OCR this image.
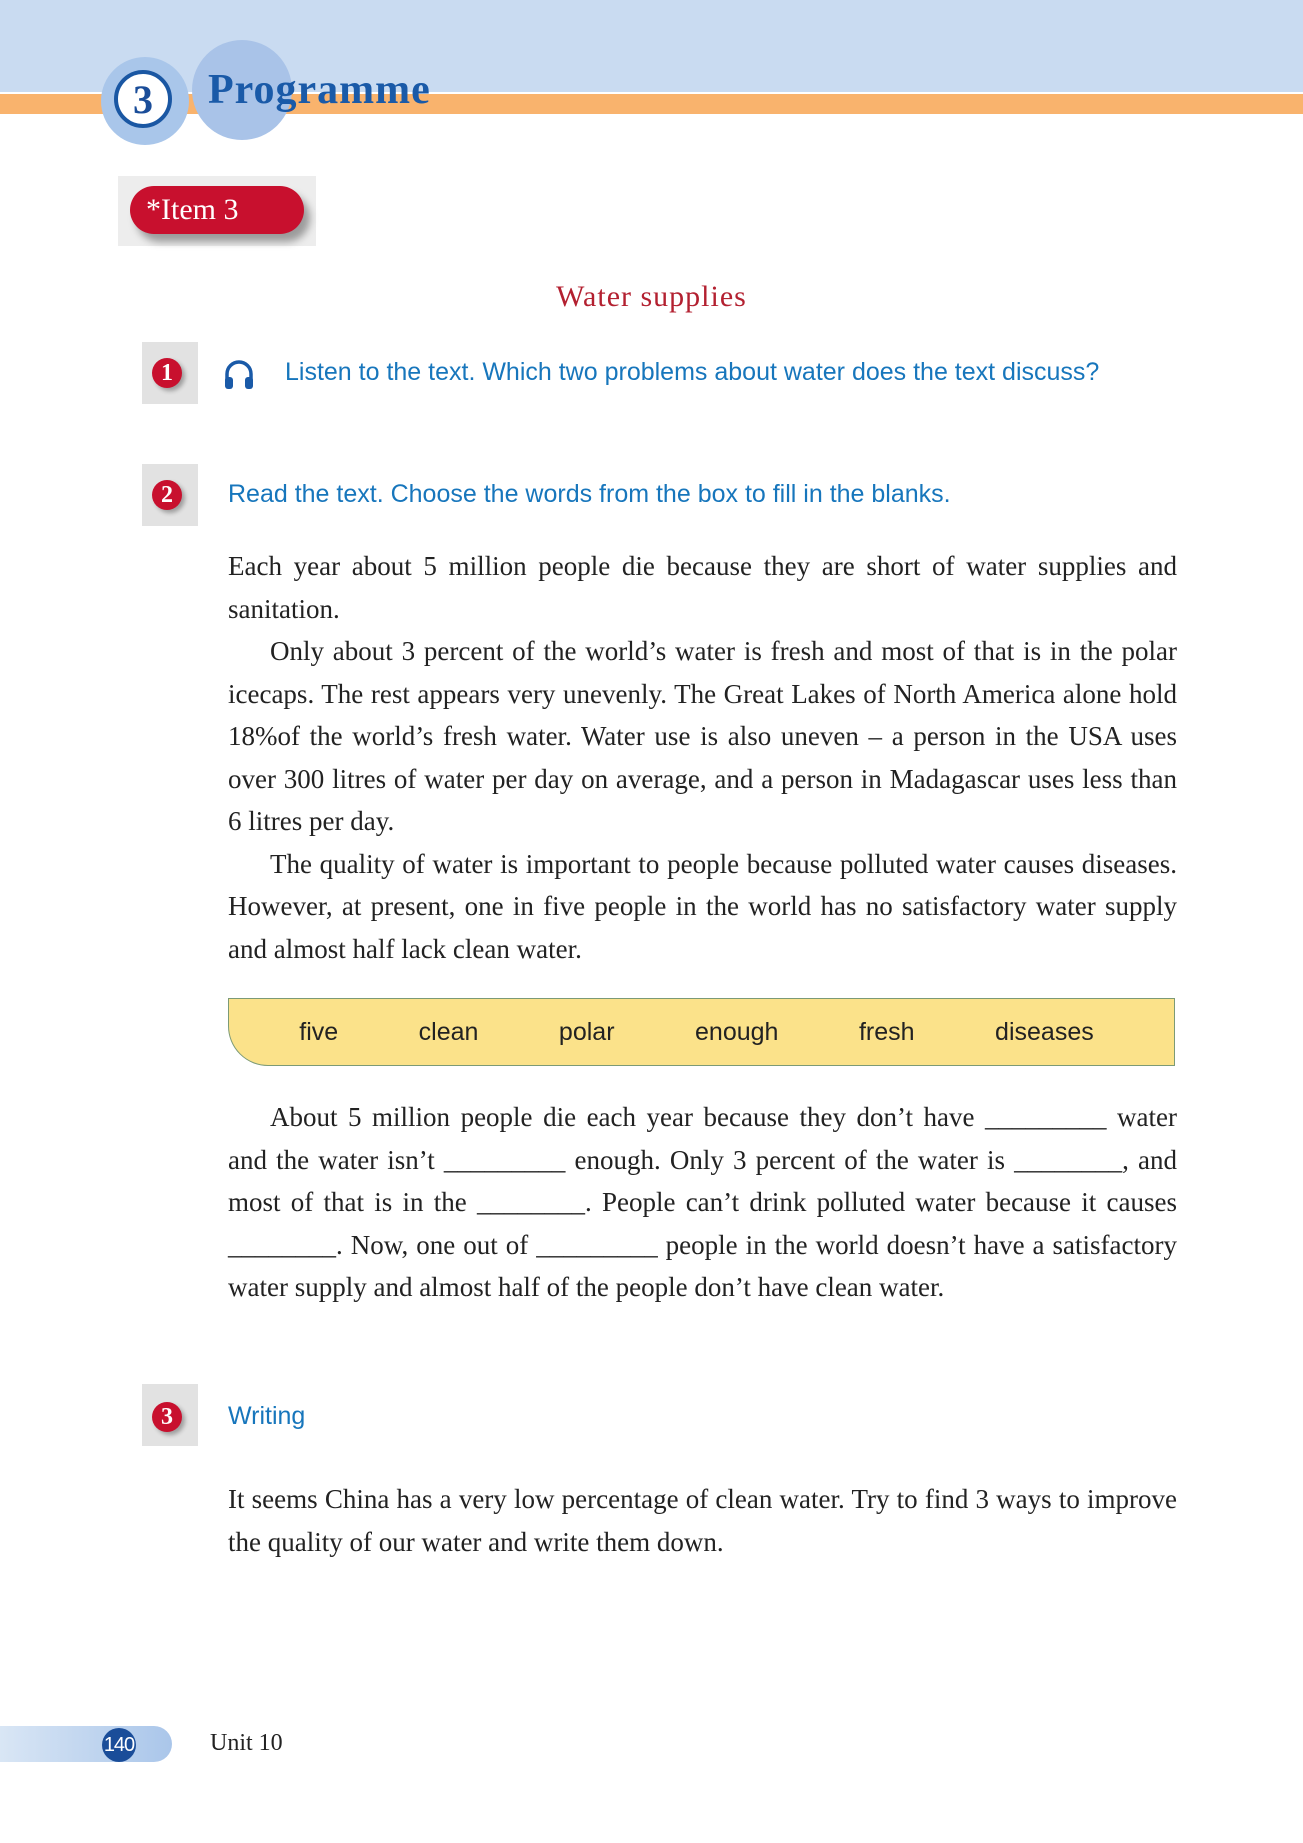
3	Programme
*Item 3
Water supplies
1	Listen to the text. Which two problems about water does the text discuss?
2	Read the text. Choose the words from the box to fill in the blanks.

Each year about 5 million people die because they are short of water supplies and sanitation.

Only about 3 percent of the world’s water is fresh and most of that is in the polar icecaps. The rest appears very unevenly. The Great Lakes of North America alone hold 18%of the world’s fresh water. Water use is also uneven – a person in the USA uses over 300 litres of water per day on average, and a person in Madagascar uses less than 6 litres per day.

The quality of water is important to people because polluted water causes diseases. However, at present, one in five people in the world has no satisfactory water supply and almost half lack clean water.

five	clean	polar	enough	fresh	diseases

About 5 million people die each year because they don’t have _________ water and the water isn’t _________ enough. Only 3 percent of the water is ________, and most of that is in the ________. People can’t drink polluted water because it causes ________. Now, one out of _________ people in the world doesn’t have a satisfactory water supply and almost half of the people don’t have clean water.

3	Writing

It seems China has a very low percentage of clean water. Try to find 3 ways to improve the quality of our water and write them down.

140	Unit 10
